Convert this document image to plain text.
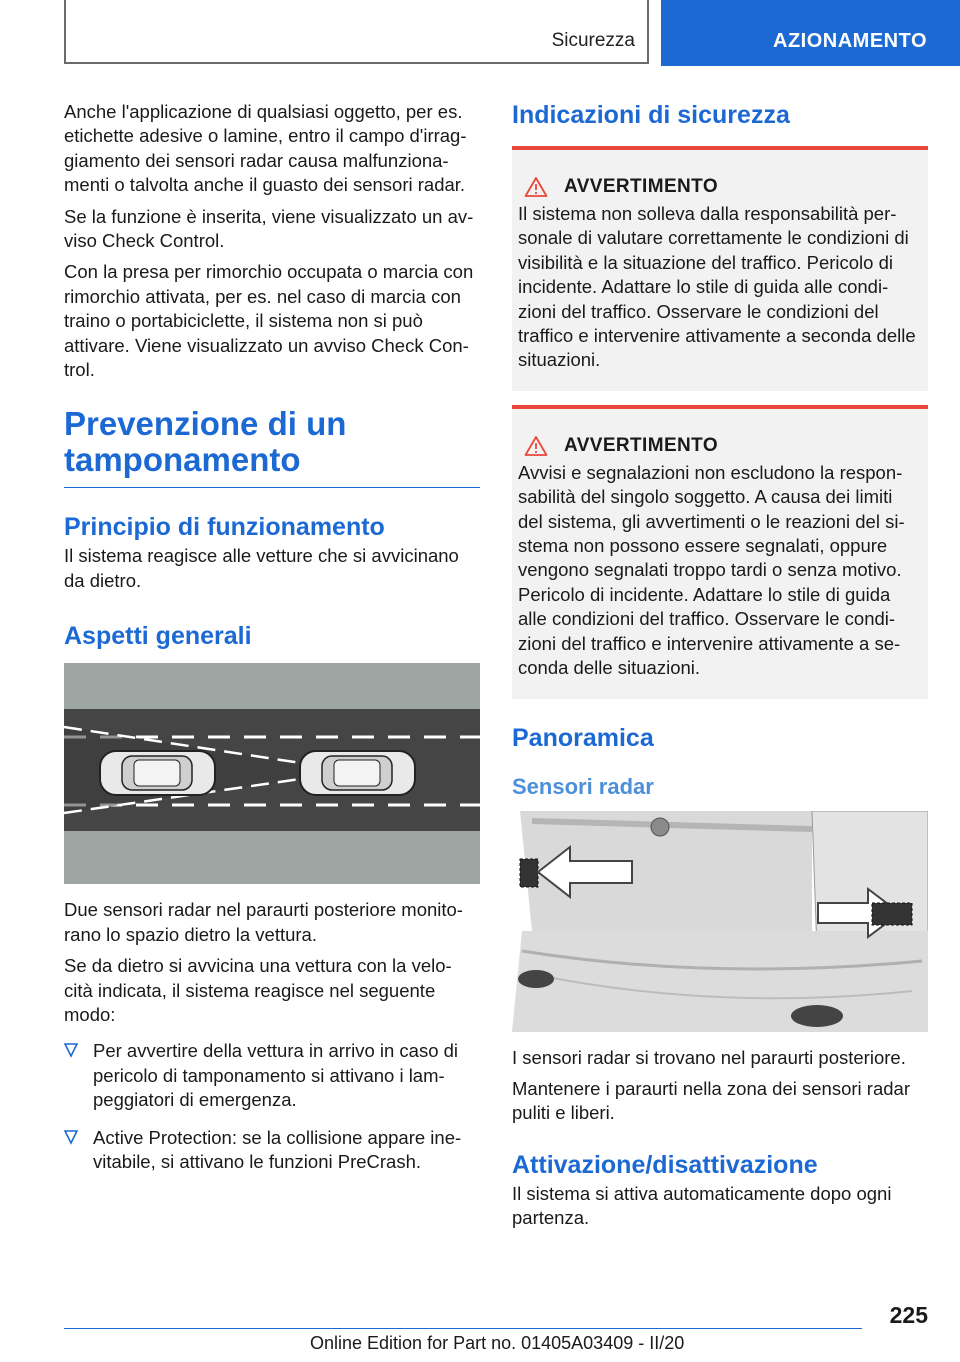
Sicurezza	AZIONAMENTO

Anche l'applicazione di qualsiasi oggetto, per es. etichette adesive o lamine, entro il campo d'irrag‐giamento dei sensori radar causa malfunziona‐menti o talvolta anche il guasto dei sensori radar.

Se la funzione è inserita, viene visualizzato un av‐viso Check Control.

Con la presa per rimorchio occupata o marcia con rimorchio attivata, per es. nel caso di marcia con traino o portabiciclette, il sistema non si può attivare. Viene visualizzato un avviso Check Con‐trol.

Prevenzione di un tamponamento
Principio di funzionamento

Il sistema reagisce alle vetture che si avvicinano da dietro.

Aspetti generali

Due sensori radar nel paraurti posteriore monito‐rano lo spazio dietro la vettura.

Se da dietro si avvicina una vettura con la velo‐cità indicata, il sistema reagisce nel seguente modo:

Per avvertire della vettura in arrivo in caso di pericolo di tamponamento si attivano i lam‐peggiatori di emergenza.
Active Protection: se la collisione appare ine‐vitabile, si attivano le funzioni PreCrash.
Indicazioni di sicurezza
AVVERTIMENTO
Il sistema non solleva dalla responsabilità per‐sonale di valutare correttamente le condizioni di visibilità e la situazione del traffico. Pericolo di incidente. Adattare lo stile di guida alle condi‐zioni del traffico. Osservare le condizioni del traffico e intervenire attivamente a seconda delle situazioni.
AVVERTIMENTO
Avvisi e segnalazioni non escludono la respon‐sabilità del singolo soggetto. A causa dei limiti del sistema, gli avvertimenti o le reazioni del si‐stema non possono essere segnalati, oppure vengono segnalati troppo tardi o senza motivo. Pericolo di incidente. Adattare lo stile di guida alle condizioni del traffico. Osservare le condi‐zioni del traffico e intervenire attivamente a se‐conda delle situazioni.
Panoramica
Sensori radar

I sensori radar si trovano nel paraurti posteriore.

Mantenere i paraurti nella zona dei sensori radar puliti e liberi.

Attivazione/disattivazione

Il sistema si attiva automaticamente dopo ogni partenza.

225
Online Edition for Part no. 01405A03409 - II/20
